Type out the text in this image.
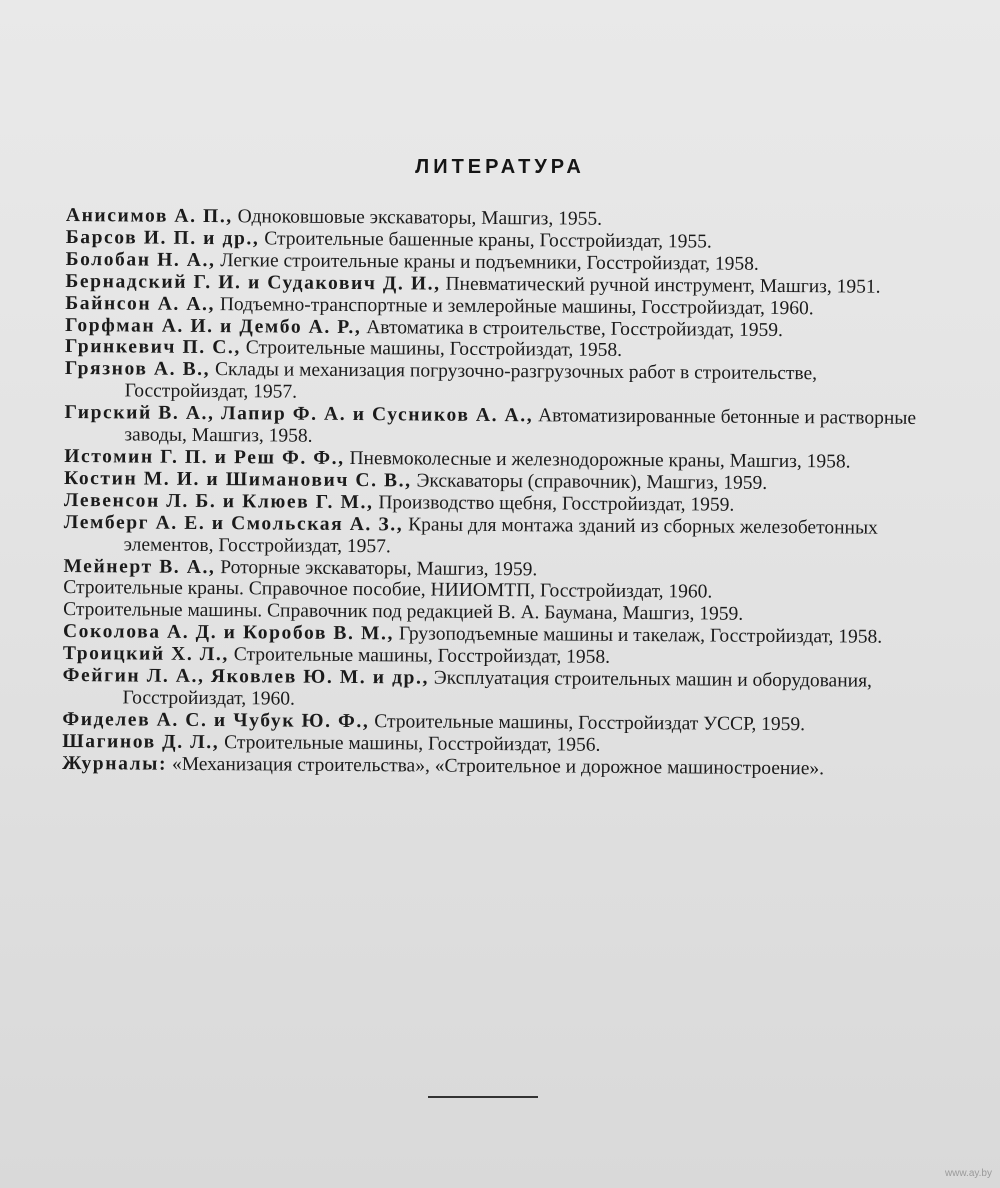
ЛИТЕРАТУРА

Анисимов А. П., Одноковшовые экскаваторы, Машгиз, 1955.

Барсов И. П. и др., Строительные башенные краны, Госстройиздат, 1955.

Болобан Н. А., Легкие строительные краны и подъемники, Госстройиздат, 1958.

Бернадский Г. И. и Судакович Д. И., Пневматический ручной инструмент, Машгиз, 1951.

Байнсон А. А., Подъемно-транспортные и землеройные машины, Госстройиздат, 1960.

Горфман А. И. и Дембо А. Р., Автоматика в строительстве, Госстройиздат, 1959.

Гринкевич П. С., Строительные машины, Госстройиздат, 1958.

Грязнов А. В., Склады и механизация погрузочно-разгрузочных работ в строительстве, Госстройиздат, 1957.

Гирский В. А., Лапир Ф. А. и Сусников А. А., Автоматизированные бетонные и растворные заводы, Машгиз, 1958.

Истомин Г. П. и Реш Ф. Ф., Пневмоколесные и железнодорожные краны, Машгиз, 1958.

Костин М. И. и Шиманович С. В., Экскаваторы (справочник), Машгиз, 1959.

Левенсон Л. Б. и Клюев Г. М., Производство щебня, Госстройиздат, 1959.

Лемберг А. Е. и Смольская А. З., Краны для монтажа зданий из сборных железобетонных элементов, Госстройиздат, 1957.

Мейнерт В. А., Роторные экскаваторы, Машгиз, 1959.

Строительные краны. Справочное пособие, НИИОМТП, Госстройиздат, 1960.

Строительные машины. Справочник под редакцией В. А. Баумана, Машгиз, 1959.

Соколова А. Д. и Коробов В. М., Грузоподъемные машины и такелаж, Госстройиздат, 1958.

Троицкий Х. Л., Строительные машины, Госстройиздат, 1958.

Фейгин Л. А., Яковлев Ю. М. и др., Эксплуатация строительных машин и оборудования, Госстройиздат, 1960.

Фиделев А. С. и Чубук Ю. Ф., Строительные машины, Госстройиздат УССР, 1959.

Шагинов Д. Л., Строительные машины, Госстройиздат, 1956.

Журналы: «Механизация строительства», «Строительное и дорожное машиностроение».

www.ay.by
